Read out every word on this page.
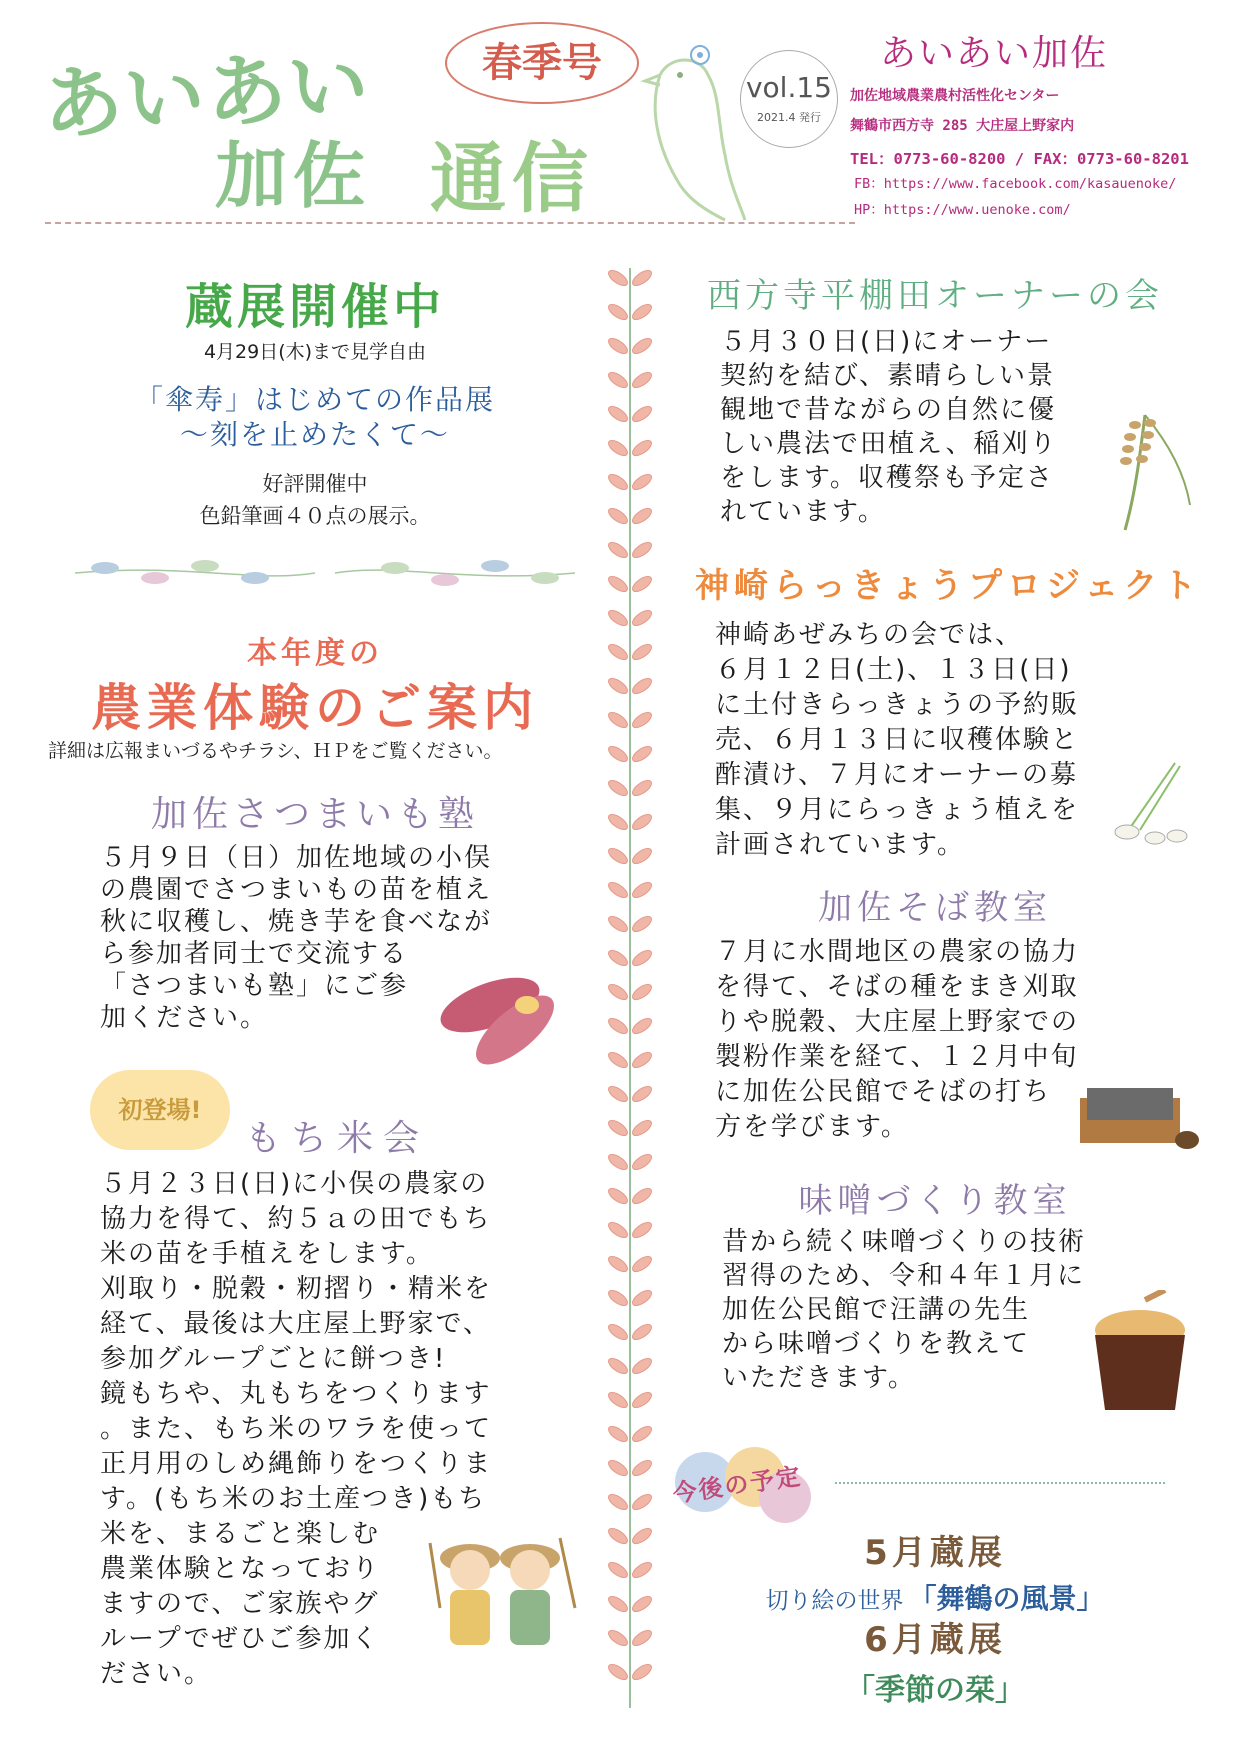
あいあい
加佐 通信
春季号
vol.15
2021.4 発行
あいあい加佐
加佐地域農業農村活性化センター
舞鶴市西方寺 285 大庄屋上野家内
TEL：0773-60-8200 / FAX：0773-60-8201
FB：https://www.facebook.com/kasauenoke/
HP：https://www.uenoke.com/
蔵展開催中
4月29日(木)まで見学自由
「傘寿」はじめての作品展
～刻を止めたくて～
好評開催中
色鉛筆画４０点の展示。
本年度の
農業体験のご案内
詳細は広報まいづるやチラシ、ＨＰをご覧ください。
加佐さつまいも塾
５月９日（日）加佐地域の小俣
の農園でさつまいもの苗を植え
秋に収穫し、焼き芋を食べなが
ら参加者同士で交流する
「さつまいも塾」にご参
加ください。
初登場!
もち米会
５月２３日(日)に小俣の農家の
協力を得て、約５ａの田でもち
米の苗を手植えをします。
刈取り・脱穀・籾摺り・精米を
経て、最後は大庄屋上野家で、
参加グループごとに餅つき!
鏡もちや、丸もちをつくります
。また、もち米のワラを使って
正月用のしめ縄飾りをつくりま
す。(もち米のお土産つき)もち
米を、まるごと楽しむ
農業体験となっており
ますので、ご家族やグ
ループでぜひご参加く
ださい。
西方寺平棚田オーナーの会
５月３０日(日)にオーナー
契約を結び、素晴らしい景
観地で昔ながらの自然に優
しい農法で田植え、稲刈り
をします。収穫祭も予定さ
れています。
神崎らっきょうプロジェクト
神崎あぜみちの会では、
６月１２日(土)、１３日(日)
に土付きらっきょうの予約販
売、６月１３日に収穫体験と
酢漬け、７月にオーナーの募
集、９月にらっきょう植えを
計画されています。
加佐そば教室
７月に水間地区の農家の協力
を得て、そばの種をまき刈取
りや脱穀、大庄屋上野家での
製粉作業を経て、１２月中旬
に加佐公民館でそばの打ち
方を学びます。
味噌づくり教室
昔から続く味噌づくりの技術
習得のため、令和４年１月に
加佐公民館で汪講の先生
から味噌づくりを教えて
いただきます。
今後の予定
5月蔵展
切り絵の世界 「舞鶴の風景」
6月蔵展
「季節の栞」
